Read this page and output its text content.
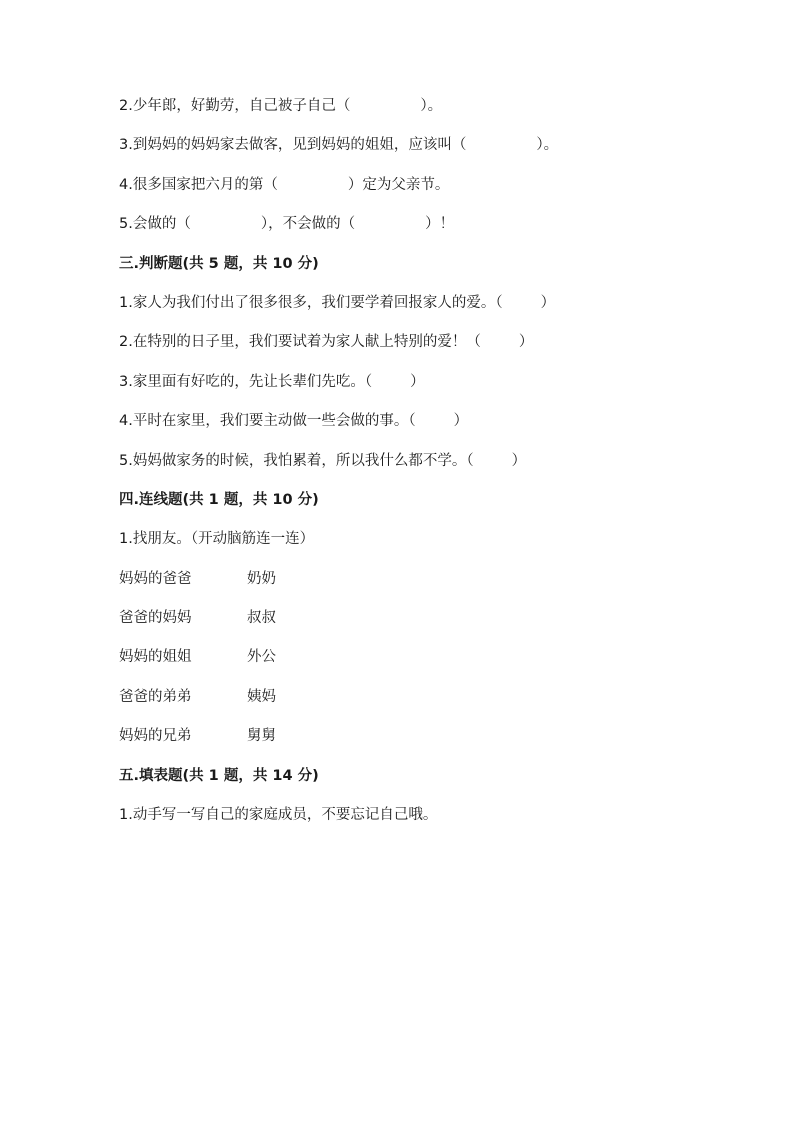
2.少年郎，好勤劳，自己被子自己（	）。
3.到妈妈的妈妈家去做客，见到妈妈的姐姐，应该叫（	）。
4.很多国家把六月的第（	）定为父亲节。
5.会做的（	），不会做的（	）！
三.判断题(共 5 题，共 10 分)
1.家人为我们付出了很多很多，我们要学着回报家人的爱。（	）
2.在特别的日子里，我们要试着为家人献上特别的爱！（	）
3.家里面有好吃的，先让长辈们先吃。（	）
4.平时在家里，我们要主动做一些会做的事。（	）
5.妈妈做家务的时候，我怕累着，所以我什么都不学。（	）
四.连线题(共 1 题，共 10 分)
1.找朋友。（开动脑筋连一连）
妈妈的爸爸	奶奶
爸爸的妈妈	叔叔
妈妈的姐姐	外公
爸爸的弟弟	姨妈
妈妈的兄弟	舅舅
五.填表题(共 1 题，共 14 分)
1.动手写一写自己的家庭成员，不要忘记自己哦。
